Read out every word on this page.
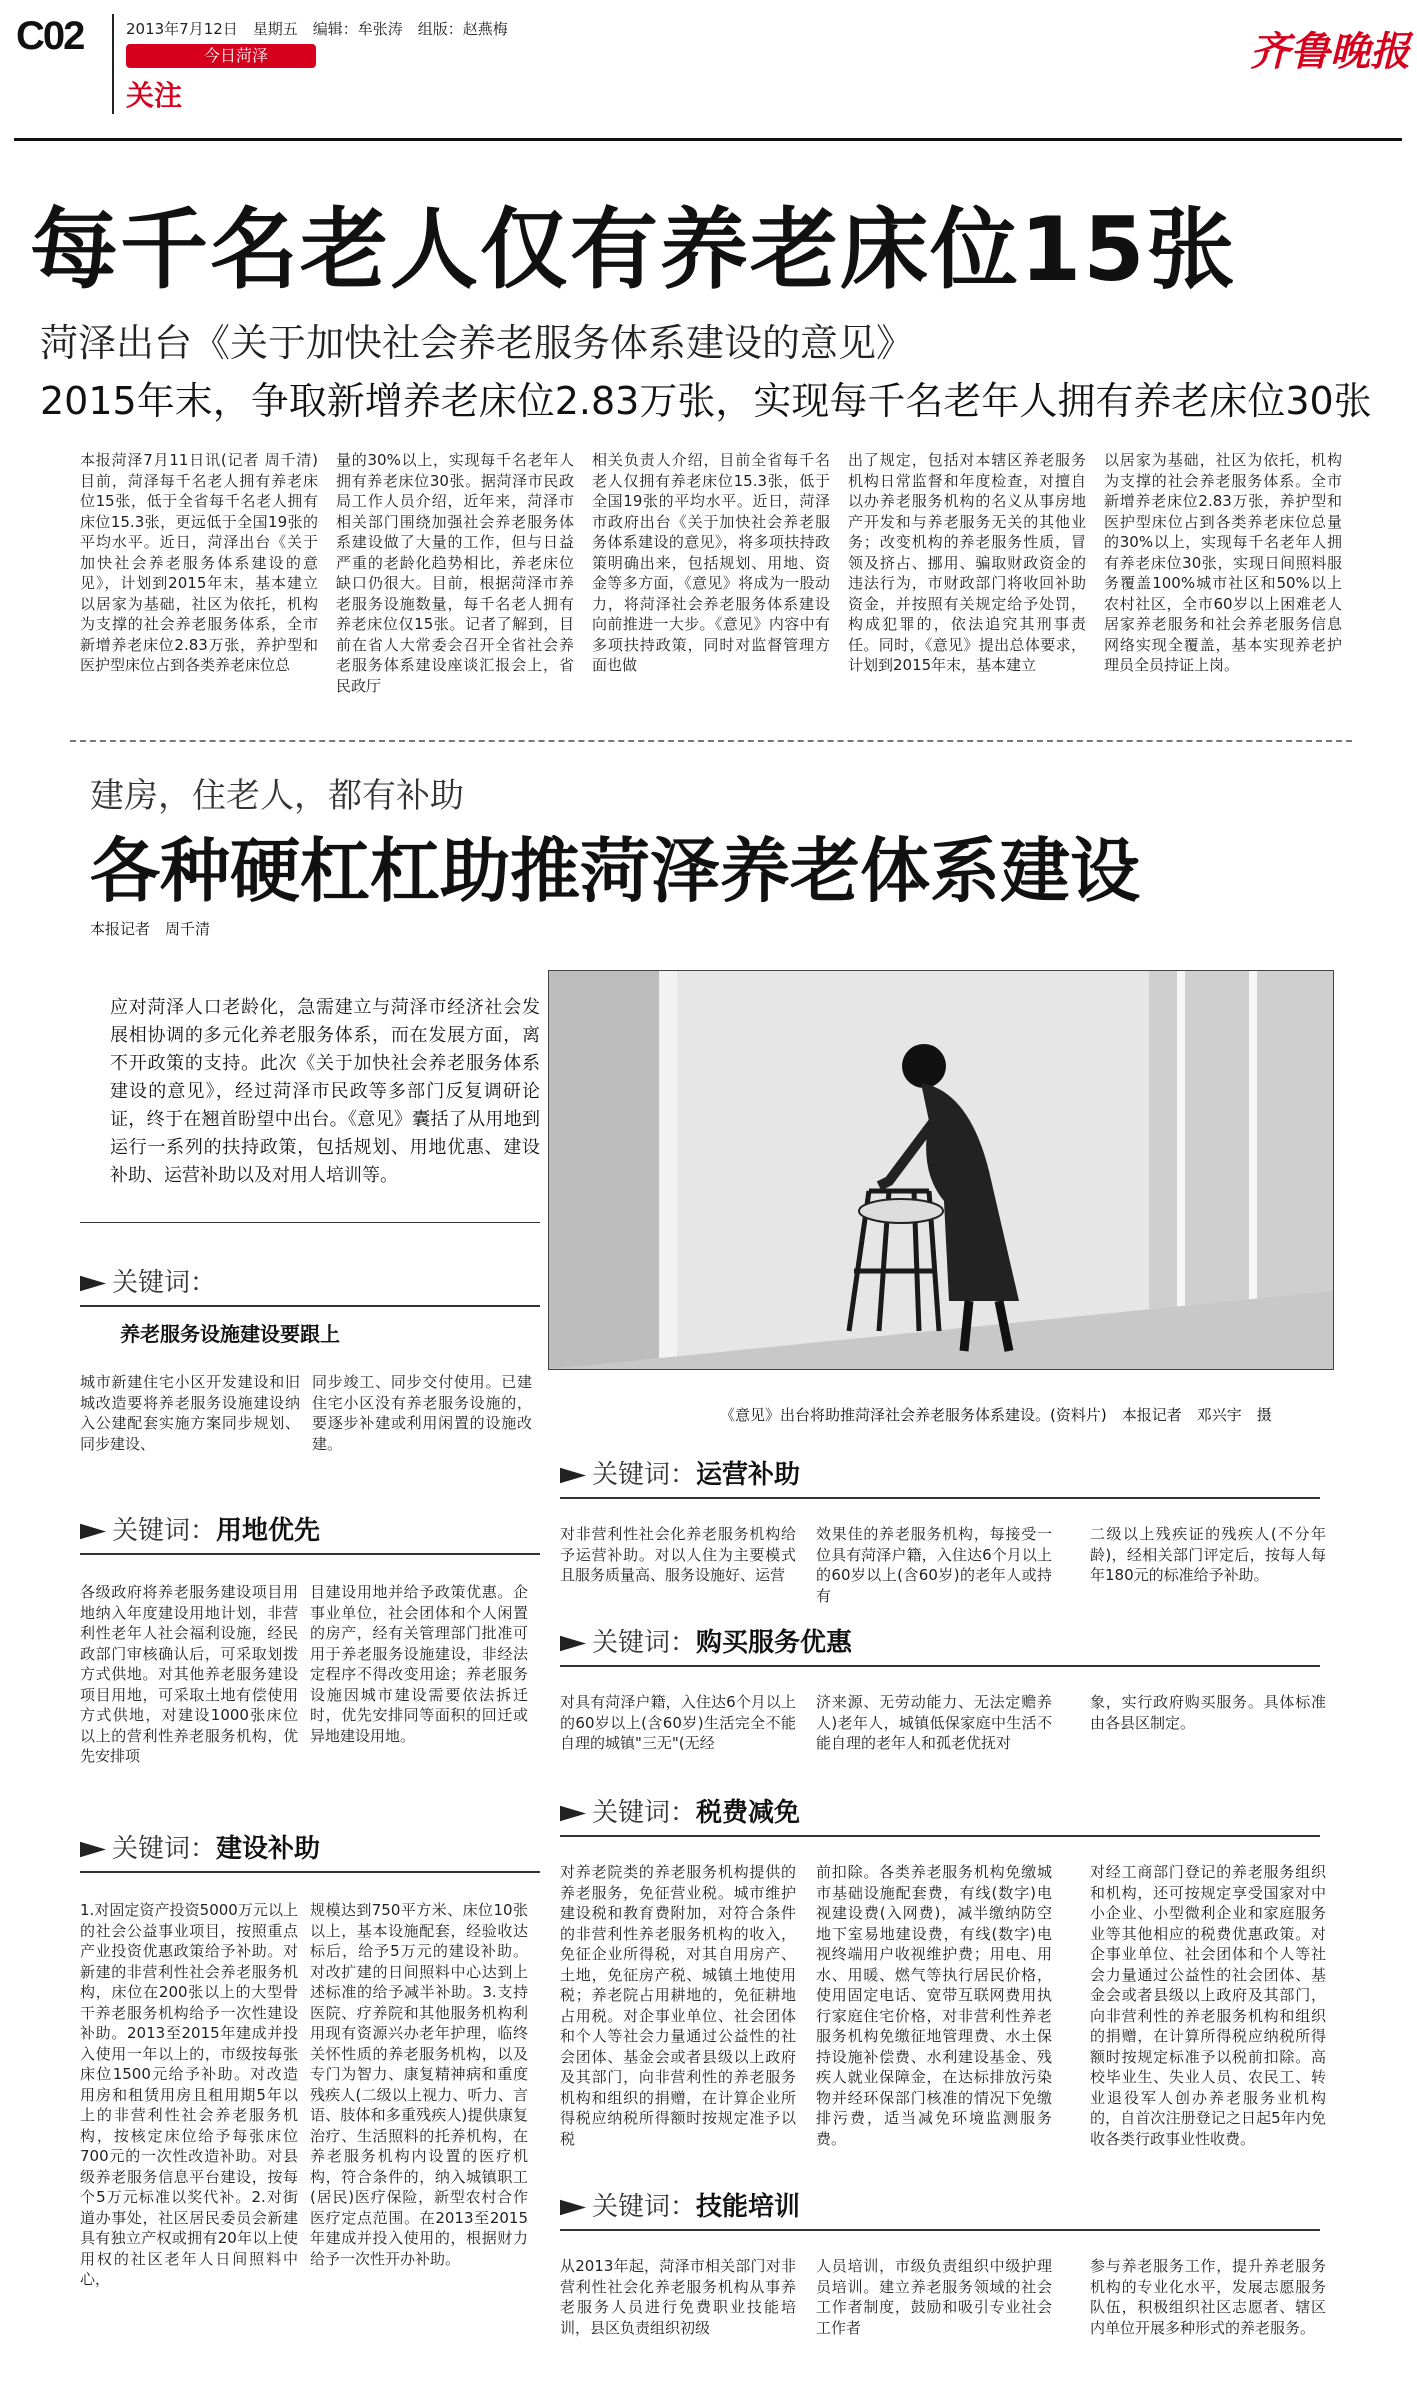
C02	2013年7月12日　星期五　编辑：牟张涛　组版：赵燕梅
今日菏泽
关注
齐鲁晚报
每千名老人仅有养老床位15张
菏泽出台《关于加快社会养老服务体系建设的意见》
2015年末，争取新增养老床位2.83万张，实现每千名老年人拥有养老床位30张
本报菏泽7月11日讯(记者 周千清) 目前，菏泽每千名老人拥有养老床位15张，低于全省每千名老人拥有床位15.3张，更远低于全国19张的平均水平。近日，菏泽出台《关于加快社会养老服务体系建设的意见》，计划到2015年末，基本建立以居家为基础，社区为依托，机构为支撑的社会养老服务体系，全市新增养老床位2.83万张，养护型和医护型床位占到各类养老床位总
量的30%以上，实现每千名老年人拥有养老床位30张。据菏泽市民政局工作人员介绍，近年来，菏泽市相关部门围绕加强社会养老服务体系建设做了大量的工作，但与日益严重的老龄化趋势相比，养老床位缺口仍很大。目前，根据菏泽市养老服务设施数量，每千名老人拥有养老床位仅15张。记者了解到，目前在省人大常委会召开全省社会养老服务体系建设座谈汇报会上，省民政厅
相关负责人介绍，目前全省每千名老人仅拥有养老床位15.3张，低于全国19张的平均水平。近日，菏泽市政府出台《关于加快社会养老服务体系建设的意见》，将多项扶持政策明确出来，包括规划、用地、资金等多方面，《意见》将成为一股动力，将菏泽社会养老服务体系建设向前推进一大步。《意见》内容中有多项扶持政策，同时对监督管理方面也做
出了规定，包括对本辖区养老服务机构日常监督和年度检查，对擅自以办养老服务机构的名义从事房地产开发和与养老服务无关的其他业务；改变机构的养老服务性质，冒领及挤占、挪用、骗取财政资金的违法行为，市财政部门将收回补助资金，并按照有关规定给予处罚，构成犯罪的，依法追究其刑事责任。同时，《意见》提出总体要求，计划到2015年末，基本建立
以居家为基础，社区为依托，机构为支撑的社会养老服务体系。全市新增养老床位2.83万张，养护型和医护型床位占到各类养老床位总量的30%以上，实现每千名老年人拥有养老床位30张，实现日间照料服务覆盖100%城市社区和50%以上农村社区，全市60岁以上困难老人居家养老服务和社会养老服务信息网络实现全覆盖，基本实现养老护理员全员持证上岗。
建房，住老人，都有补助
各种硬杠杠助推菏泽养老体系建设
本报记者　周千清
应对菏泽人口老龄化，急需建立与菏泽市经济社会发展相协调的多元化养老服务体系，而在发展方面，离不开政策的支持。此次《关于加快社会养老服务体系建设的意见》，经过菏泽市民政等多部门反复调研论证，终于在翘首盼望中出台。《意见》囊括了从用地到运行一系列的扶持政策，包括规划、用地优惠、建设补助、运营补助以及对用人培训等。
《意见》出台将助推菏泽社会养老服务体系建设。(资料片)　本报记者　邓兴宇　摄
关键词：
养老服务设施建设要跟上
城市新建住宅小区开发建设和旧城改造要将养老服务设施建设纳入公建配套实施方案同步规划、同步建设、
同步竣工、同步交付使用。已建住宅小区没有养老服务设施的，要逐步补建或利用闲置的设施改建。
关键词：用地优先
各级政府将养老服务建设项目用地纳入年度建设用地计划，非营利性老年人社会福利设施，经民政部门审核确认后，可采取划拨方式供地。对其他养老服务建设项目用地，可采取土地有偿使用方式供地，对建设1000张床位以上的营利性养老服务机构，优先安排项
目建设用地并给予政策优惠。企事业单位，社会团体和个人闲置的房产，经有关管理部门批准可用于养老服务设施建设，非经法定程序不得改变用途；养老服务设施因城市建设需要依法拆迁时，优先安排同等面积的回迁或异地建设用地。
关键词：建设补助
1.对固定资产投资5000万元以上的社会公益事业项目，按照重点产业投资优惠政策给予补助。对新建的非营利性社会养老服务机构，床位在200张以上的大型骨干养老服务机构给予一次性建设补助。2013至2015年建成并投入使用一年以上的，市级按每张床位1500元给予补助。对改造用房和租赁用房且租用期5年以上的非营利性社会养老服务机构，按核定床位给予每张床位700元的一次性改造补助。对县级养老服务信息平台建设，按每个5万元标准以奖代补。2.对街道办事处，社区居民委员会新建具有独立产权或拥有20年以上使用权的社区老年人日间照料中心，
规模达到750平方米、床位10张以上，基本设施配套，经验收达标后，给予5万元的建设补助。对改扩建的日间照料中心达到上述标准的给予减半补助。3.支持医院、疗养院和其他服务机构利用现有资源兴办老年护理，临终关怀性质的养老服务机构，以及专门为智力、康复精神病和重度残疾人(二级以上视力、听力、言语、肢体和多重残疾人)提供康复治疗、生活照料的托养机构，在养老服务机构内设置的医疗机构，符合条件的，纳入城镇职工(居民)医疗保险，新型农村合作医疗定点范围。在2013至2015年建成并投入使用的，根据财力给予一次性开办补助。
关键词：运营补助
对非营利性社会化养老服务机构给予运营补助。对以人住为主要模式且服务质量高、服务设施好、运营
效果佳的养老服务机构，每接受一位具有菏泽户籍，入住达6个月以上的60岁以上(含60岁)的老年人或持有
二级以上残疾证的残疾人(不分年龄)，经相关部门评定后，按每人每年180元的标准给予补助。
关键词：购买服务优惠
对具有菏泽户籍，入住达6个月以上的60岁以上(含60岁)生活完全不能自理的城镇"三无"(无经
济来源、无劳动能力、无法定赡养人)老年人，城镇低保家庭中生活不能自理的老年人和孤老优抚对
象，实行政府购买服务。具体标准由各县区制定。
关键词：税费减免
对养老院类的养老服务机构提供的养老服务，免征营业税。城市维护建设税和教育费附加，对符合条件的非营利性养老服务机构的收入，免征企业所得税，对其自用房产、土地，免征房产税、城镇土地使用税；养老院占用耕地的，免征耕地占用税。对企事业单位、社会团体和个人等社会力量通过公益性的社会团体、基金会或者县级以上政府及其部门，向非营利性的养老服务机构和组织的捐赠，在计算企业所得税应纳税所得额时按规定准予以税
前扣除。各类养老服务机构免缴城市基础设施配套费，有线(数字)电视建设费(入网费)，减半缴纳防空地下室易地建设费，有线(数字)电视终端用户收视维护费；用电、用水、用暖、燃气等执行居民价格，使用固定电话、宽带互联网费用执行家庭住宅价格，对非营利性养老服务机构免缴征地管理费、水土保持设施补偿费、水利建设基金、残疾人就业保障金，在达标排放污染物并经环保部门核准的情况下免缴排污费，适当减免环境监测服务费。
对经工商部门登记的养老服务组织和机构，还可按规定享受国家对中小企业、小型微利企业和家庭服务业等其他相应的税费优惠政策。对企事业单位、社会团体和个人等社会力量通过公益性的社会团体、基金会或者县级以上政府及其部门，向非营利性的养老服务机构和组织的捐赠，在计算所得税应纳税所得额时按规定标准予以税前扣除。高校毕业生、失业人员、农民工、转业退役军人创办养老服务业机构的，自首次注册登记之日起5年内免收各类行政事业性收费。
关键词：技能培训
从2013年起，菏泽市相关部门对非营利性社会化养老服务机构从事养老服务人员进行免费职业技能培训，县区负责组织初级
人员培训，市级负责组织中级护理员培训。建立养老服务领域的社会工作者制度，鼓励和吸引专业社会工作者
参与养老服务工作，提升养老服务机构的专业化水平，发展志愿服务队伍，积极组织社区志愿者、辖区内单位开展多种形式的养老服务。
